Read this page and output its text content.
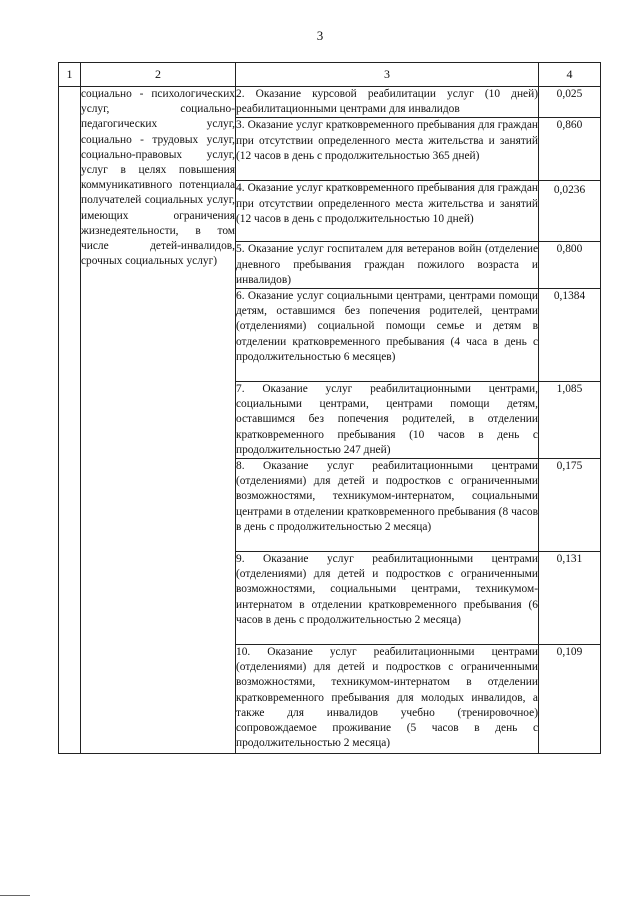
3
1	2	3	4
	социально - психологических услуг, социально-педагогических услуг, социально - трудовых услуг, социально-правовых услуг, услуг в целях повышения коммуникативного потенциала получателей социальных услуг, имеющих ограничения жизнедеятельности, в том числе детей-инвалидов, срочных социальных услуг)	2. Оказание курсовой реабилитации услуг (10 дней) реабилитационными центрами для инвалидов	0,025
		3. Оказание услуг кратковременного пребывания для граждан при отсутствии определенного места жительства и занятий (12 часов в день с продолжительностью 365 дней)	0,860
		4. Оказание услуг кратковременного пребывания для граждан при отсутствии определенного места жительства и занятий (12 часов в день с продолжительностью 10 дней)	0,0236
		5. Оказание услуг госпиталем для ветеранов войн (отделение дневного пребывания граждан пожилого возраста и инвалидов)	0,800
		6. Оказание услуг социальными центрами, центрами помощи детям, оставшимся без попечения родителей, центрами (отделениями) социальной помощи семье и детям в отделении кратковременного пребывания (4 часа в день с продолжительностью 6 месяцев)	0,1384
		7. Оказание услуг реабилитационными центрами, социальными центрами, центрами помощи детям, оставшимся без попечения родителей, в отделении кратковременного пребывания (10 часов в день с продолжительностью 247 дней)	1,085
		8. Оказание услуг реабилитационными центрами (отделениями) для детей и подростков с ограниченными возможностями, техникумом-интернатом, социальными центрами в отделении кратковременного пребывания (8 часов в день с продолжительностью 2 месяца)	0,175
		9. Оказание услуг реабилитационными центрами (отделениями) для детей и подростков с ограниченными возможностями, социальными центрами, техникумом-интернатом в отделении кратковременного пребывания (6 часов в день с продолжительностью 2 месяца)	0,131
		10. Оказание услуг реабилитационными центрами (отделениями) для детей и подростков с ограниченными возможностями, техникумом-интернатом в отделении кратковременного пребывания для молодых инвалидов, а также для инвалидов учебно (тренировочное) сопровождаемое проживание (5 часов в день с продолжительностью 2 месяца)	0,109
